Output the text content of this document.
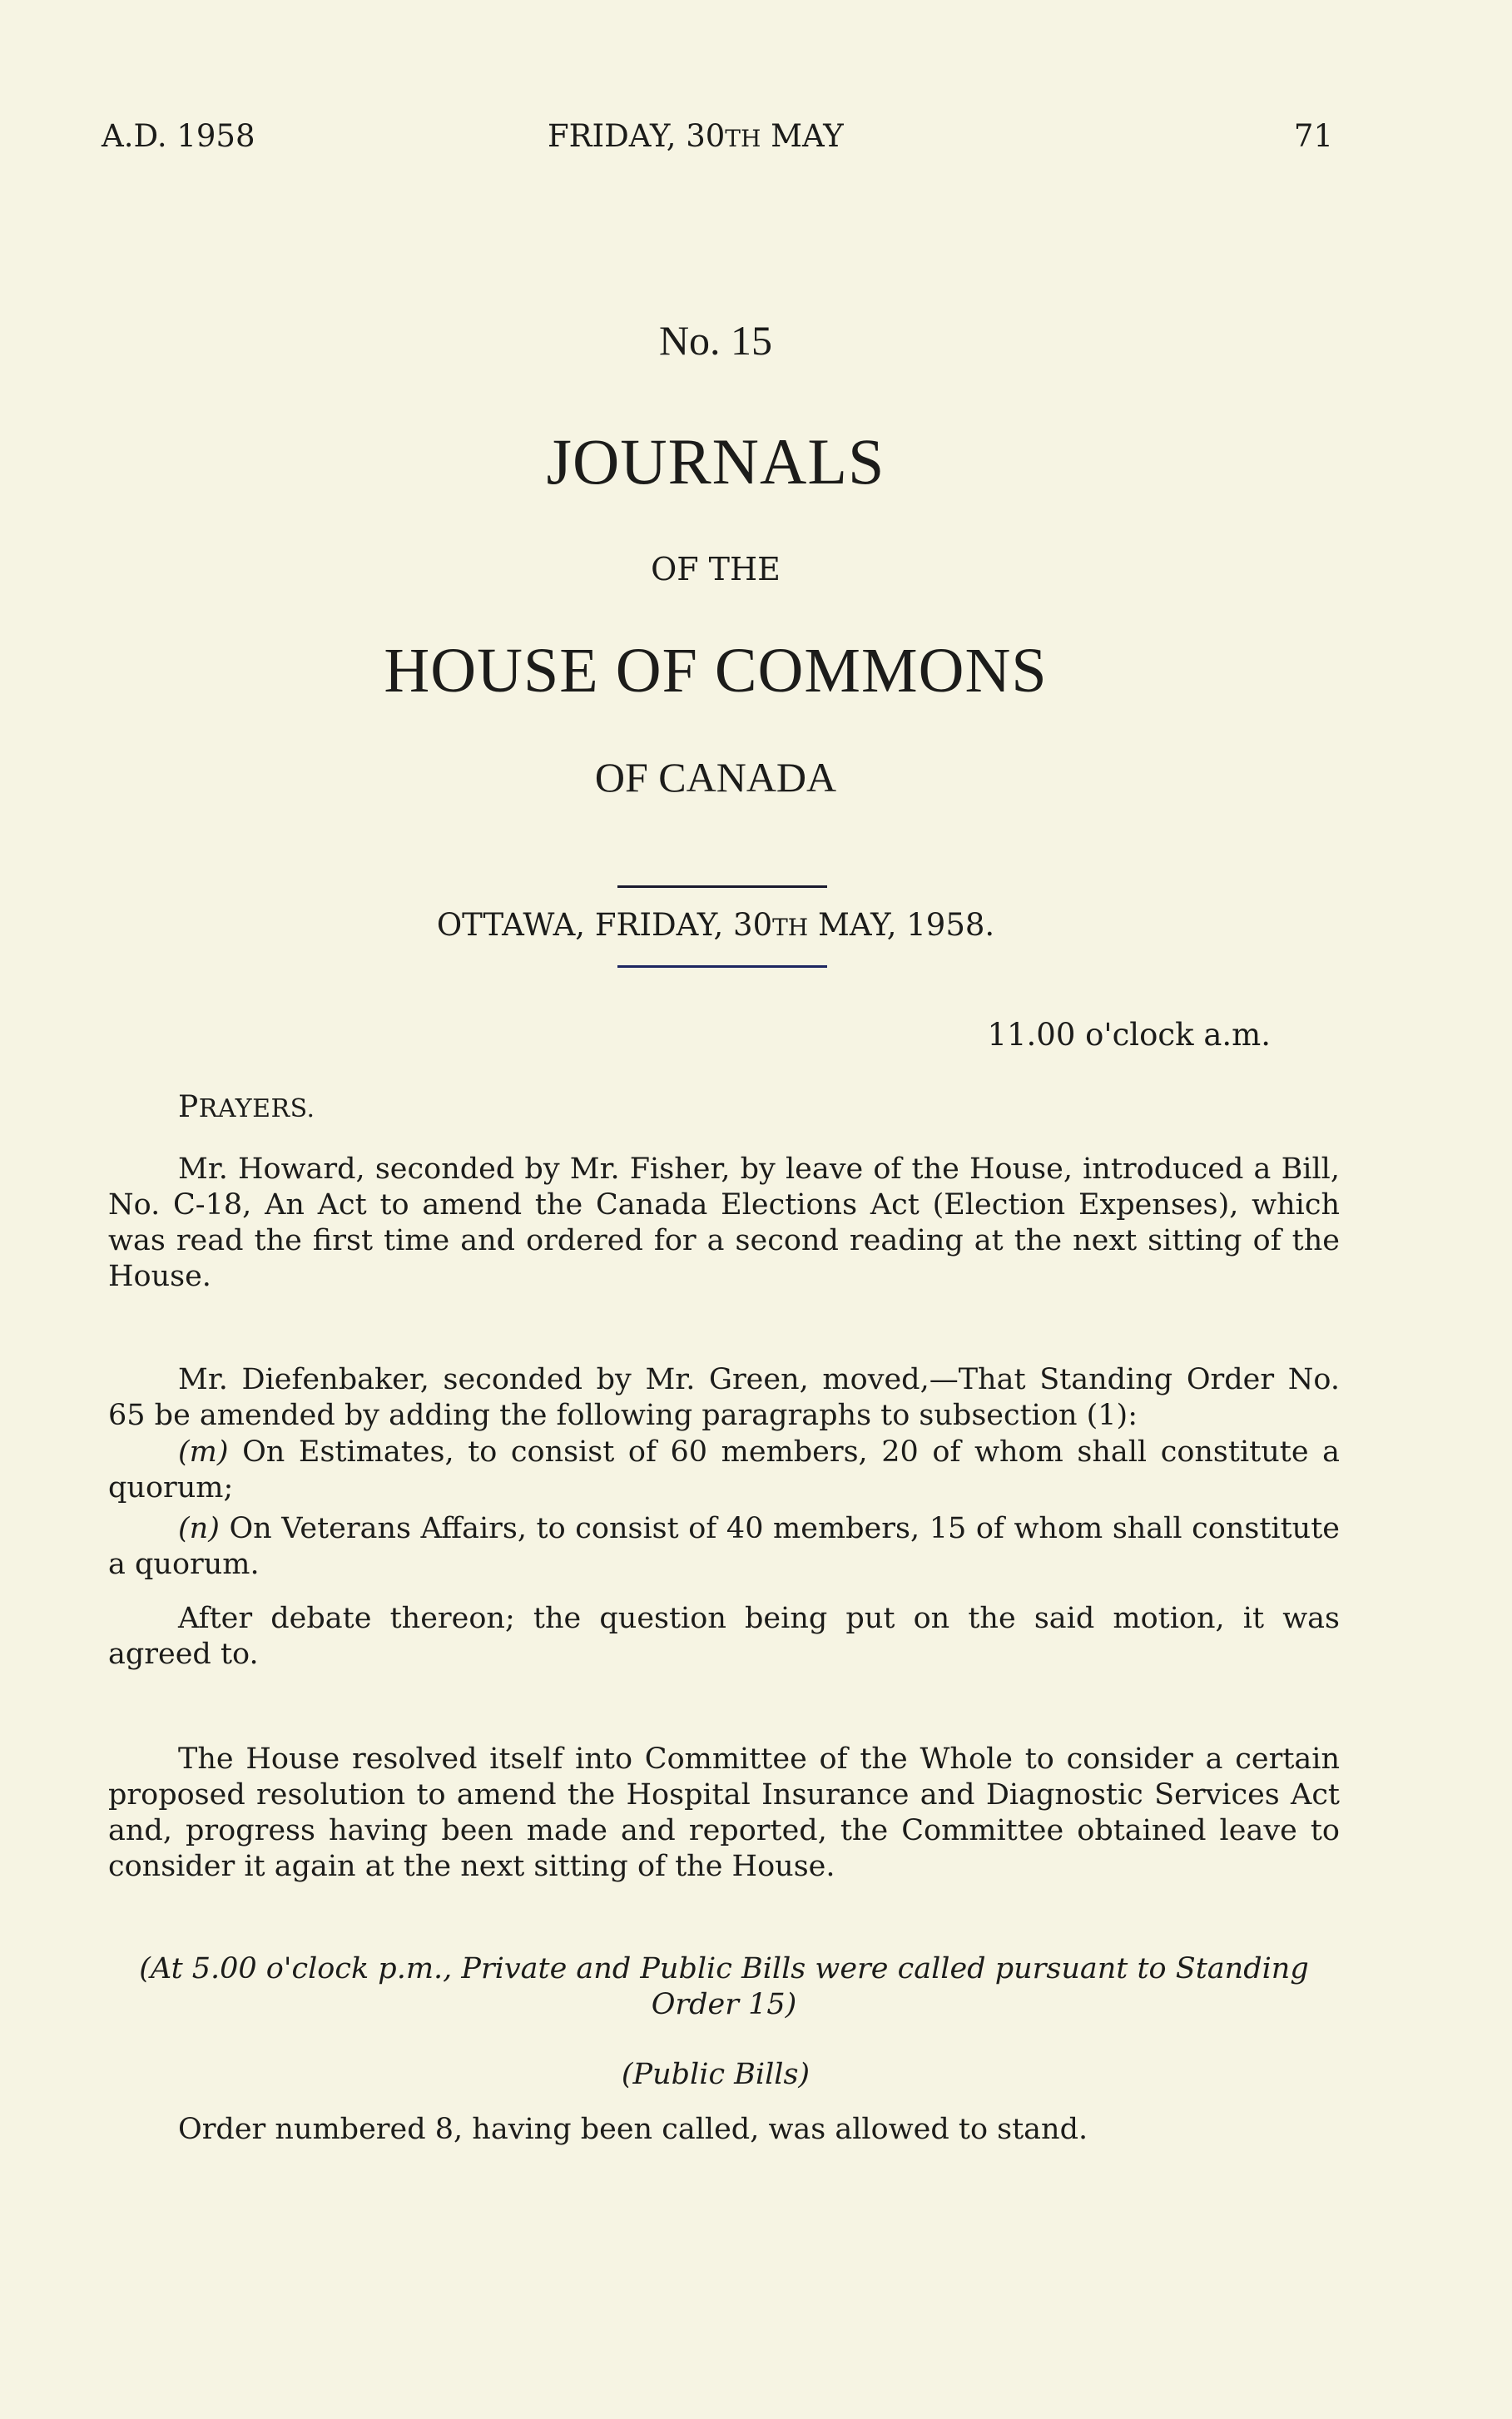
A.D. 1958	FRIDAY, 30TH MAY	71
No. 15
JOURNALS
OF THE
HOUSE OF COMMONS
OF CANADA
OTTAWA, FRIDAY, 30TH MAY, 1958.
11.00 o'clock a.m.
PRAYERS.
Mr. Howard, seconded by Mr. Fisher, by leave of the House, introduced a Bill, No. C-18, An Act to amend the Canada Elections Act (Election Expenses), which was read the first time and ordered for a second reading at the next sitting of the House.
Mr. Diefenbaker, seconded by Mr. Green, moved,—That Standing Order No. 65 be amended by adding the following paragraphs to subsection (1):
(m) On Estimates, to consist of 60 members, 20 of whom shall constitute a quorum;
(n) On Veterans Affairs, to consist of 40 members, 15 of whom shall constitute a quorum.
After debate thereon; the question being put on the said motion, it was agreed to.
The House resolved itself into Committee of the Whole to consider a certain proposed resolution to amend the Hospital Insurance and Diagnostic Services Act and, progress having been made and reported, the Committee obtained leave to consider it again at the next sitting of the House.
(At 5.00 o'clock p.m., Private and Public Bills were called pursuant to Standing Order 15)
(Public Bills)
Order numbered 8, having been called, was allowed to stand.
